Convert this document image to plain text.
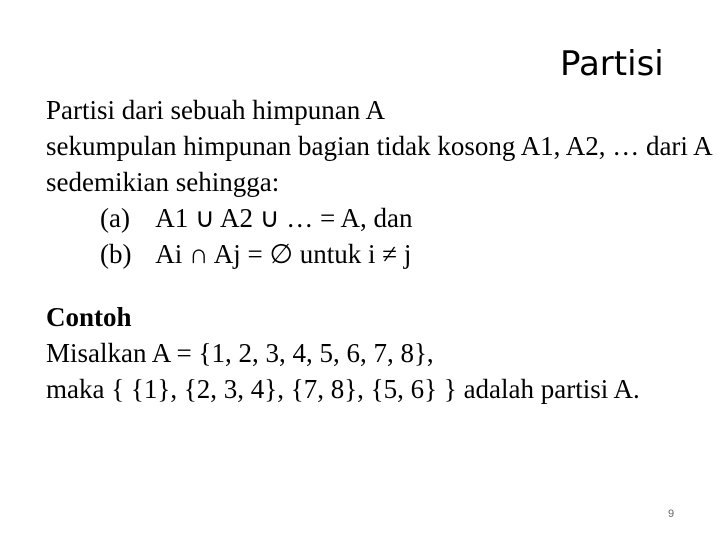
Partisi
Partisi dari sebuah himpunan A
sekumpulan himpunan bagian tidak kosong A1, A2, … dari A
sedemikian sehingga:
(a) A1 ∪ A2 ∪ … = A, dan
(b) Ai ∩ Aj = ∅ untuk i ≠ j
Contoh
Misalkan A = {1, 2, 3, 4, 5, 6, 7, 8},
maka { {1}, {2, 3, 4}, {7, 8}, {5, 6} } adalah partisi A.
9
